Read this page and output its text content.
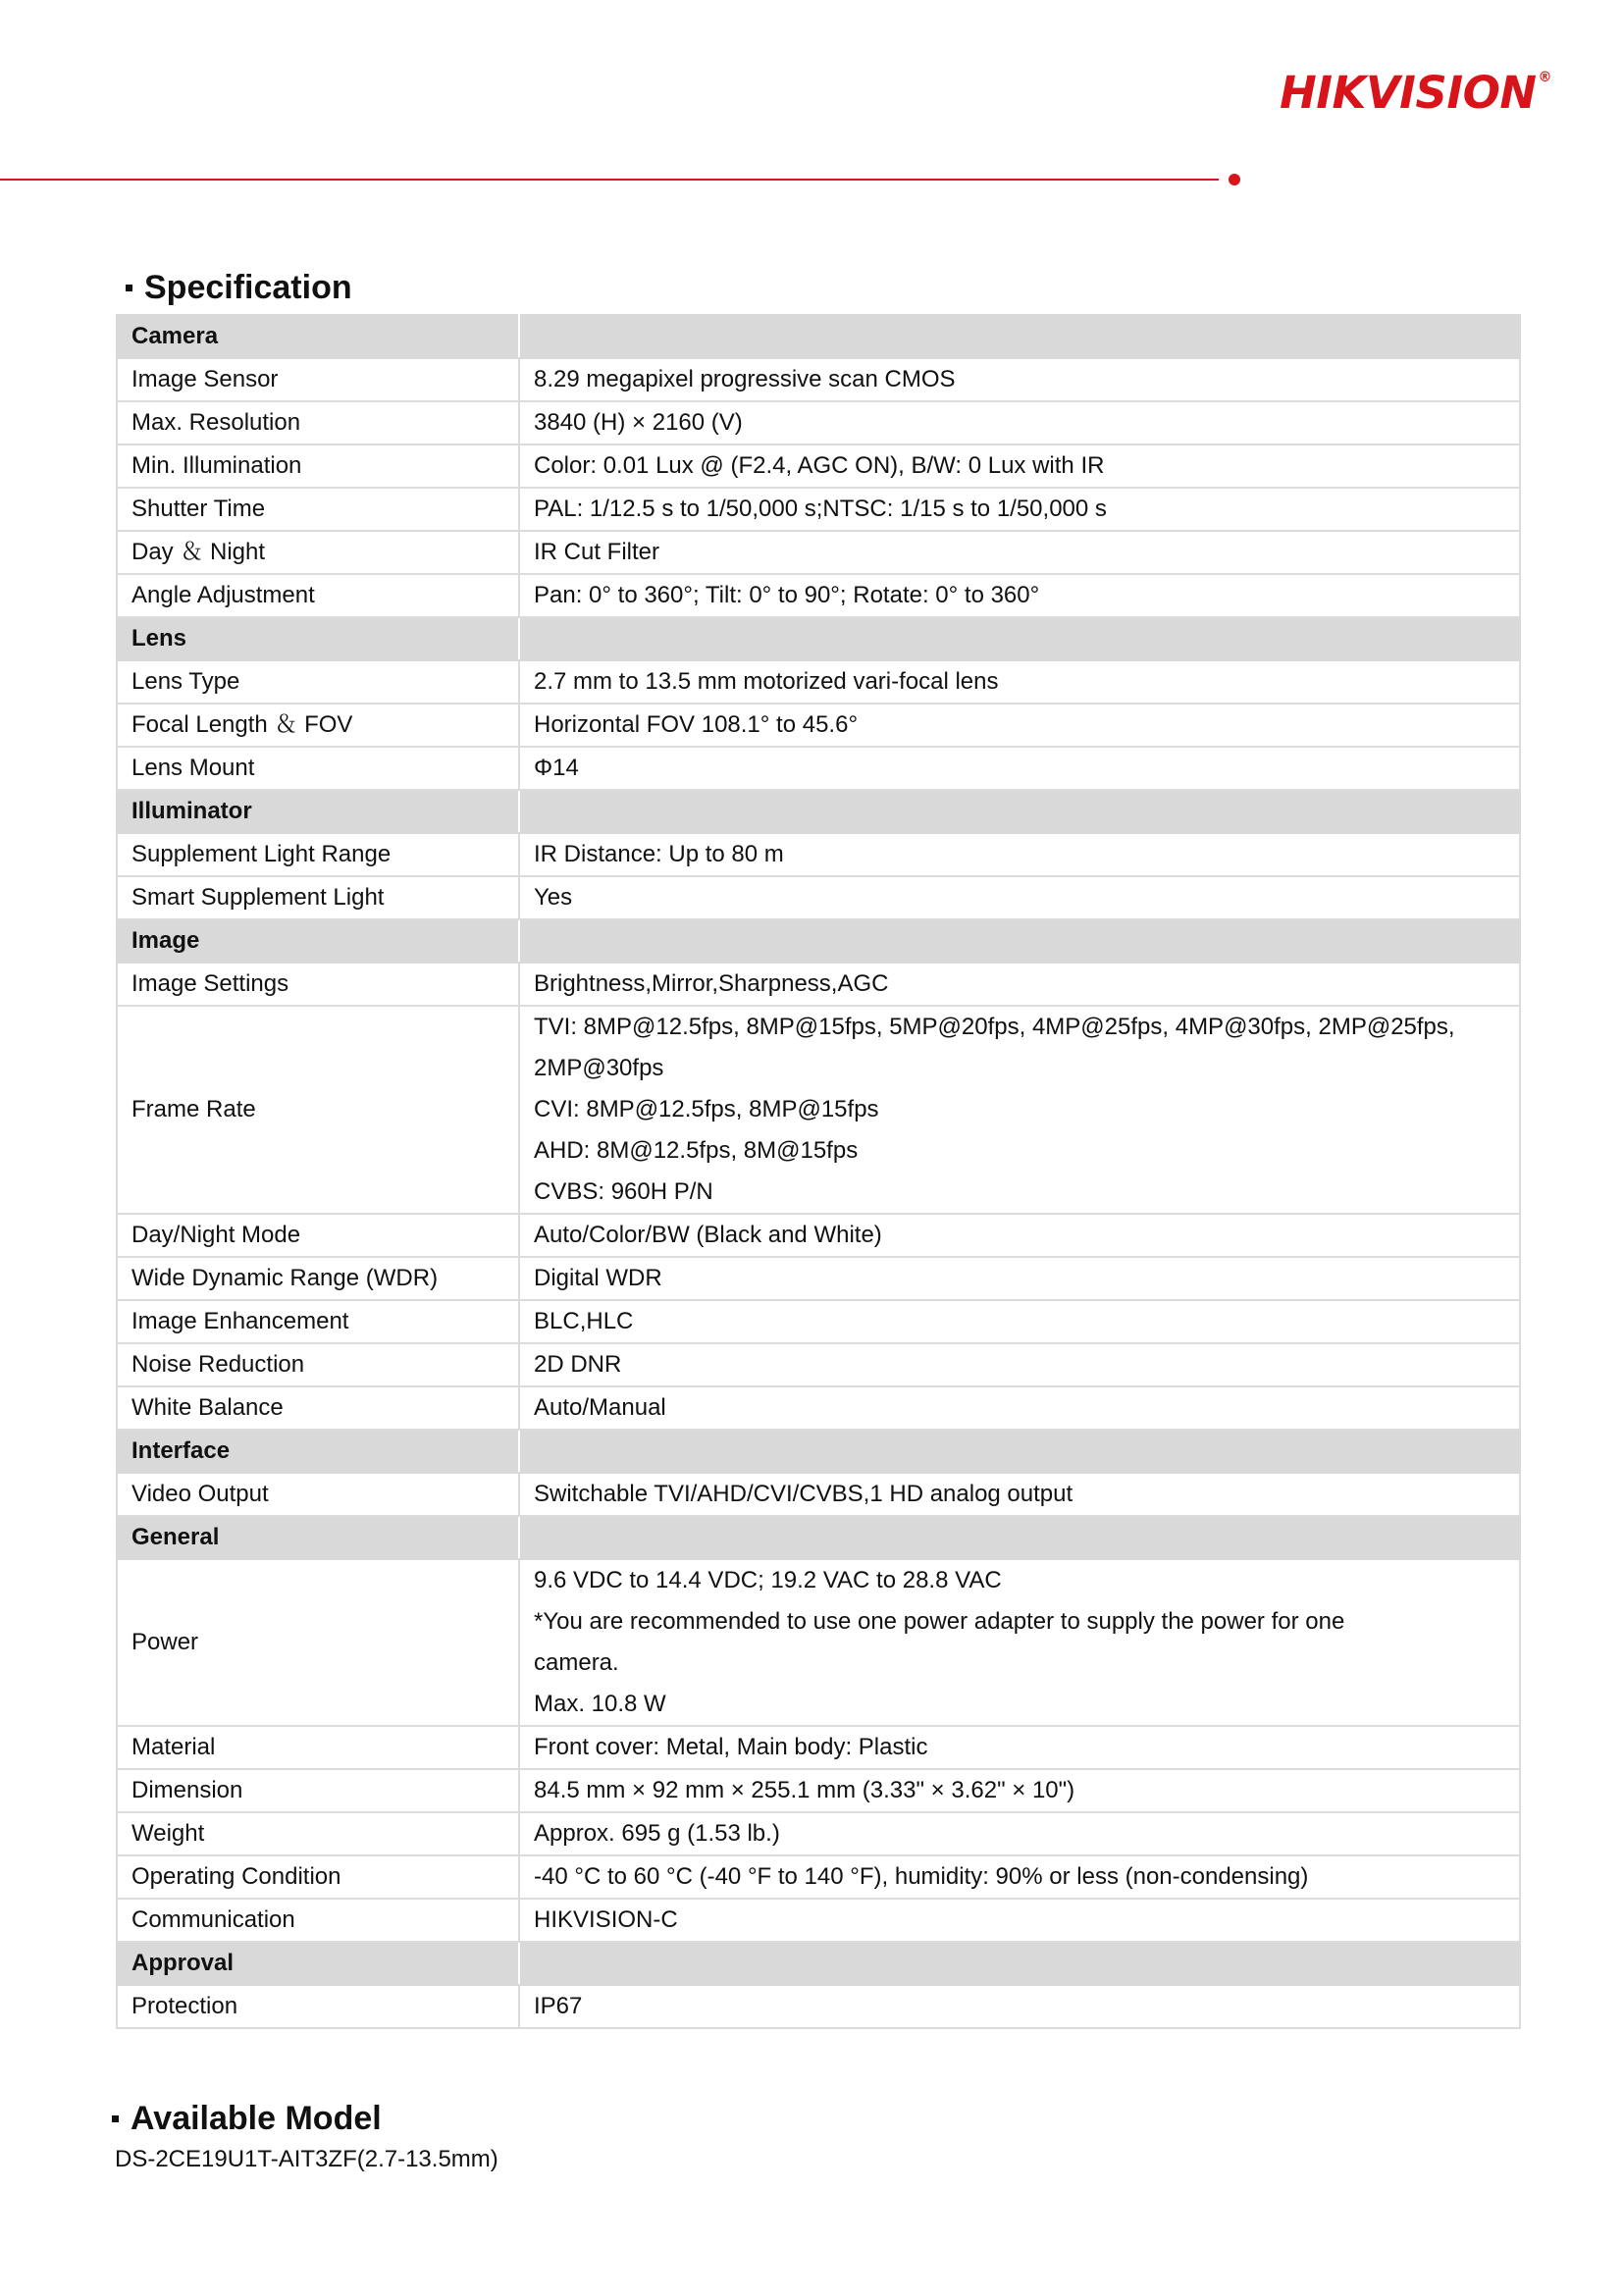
HIKVISION ®
Specification
Camera	
Image Sensor	8.29 megapixel progressive scan CMOS

Max. Resolution	3840 (H) × 2160 (V)

Min. Illumination	Color: 0.01 Lux @ (F2.4, AGC ON), B/W: 0 Lux with IR

Shutter Time	PAL: 1/12.5 s to 1/50,000 s;NTSC: 1/15 s to 1/50,000 s

Day ＆ Night	IR Cut Filter

Angle Adjustment	Pan: 0° to 360°; Tilt: 0° to 90°; Rotate: 0° to 360°

Lens	
Lens Type	2.7 mm to 13.5 mm motorized vari-focal lens

Focal Length ＆ FOV	Horizontal FOV 108.1° to 45.6°

Lens Mount	Φ14

Illuminator	
Supplement Light Range	IR Distance: Up to 80 m

Smart Supplement Light	Yes

Image	
Image Settings	Brightness,Mirror,Sharpness,AGC

Frame Rate	TVI: 8MP@12.5fps, 8MP@15fps, 5MP@20fps, 4MP@25fps, 4MP@30fps, 2MP@25fps,
2MP@30fps
CVI: 8MP@12.5fps, 8MP@15fps
AHD: 8M@12.5fps, 8M@15fps
CVBS: 960H P/N

Day/Night Mode	Auto/Color/BW (Black and White)

Wide Dynamic Range (WDR)	Digital WDR

Image Enhancement	BLC,HLC

Noise Reduction	2D DNR

White Balance	Auto/Manual

Interface	
Video Output	Switchable TVI/AHD/CVI/CVBS,1 HD analog output

General	
Power	9.6 VDC to 14.4 VDC; 19.2 VAC to 28.8 VAC
*You are recommended to use one power adapter to supply the power for one
camera.
Max. 10.8 W

Material	Front cover: Metal, Main body: Plastic

Dimension	84.5 mm × 92 mm × 255.1 mm (3.33" × 3.62" × 10")

Weight	Approx. 695 g (1.53 lb.)

Operating Condition	-40 °C to 60 °C (-40 °F to 140 °F), humidity: 90% or less (non-condensing)

Communication	HIKVISION-C

Approval	
Protection	IP67
Available Model
DS-2CE19U1T-AIT3ZF(2.7-13.5mm)
